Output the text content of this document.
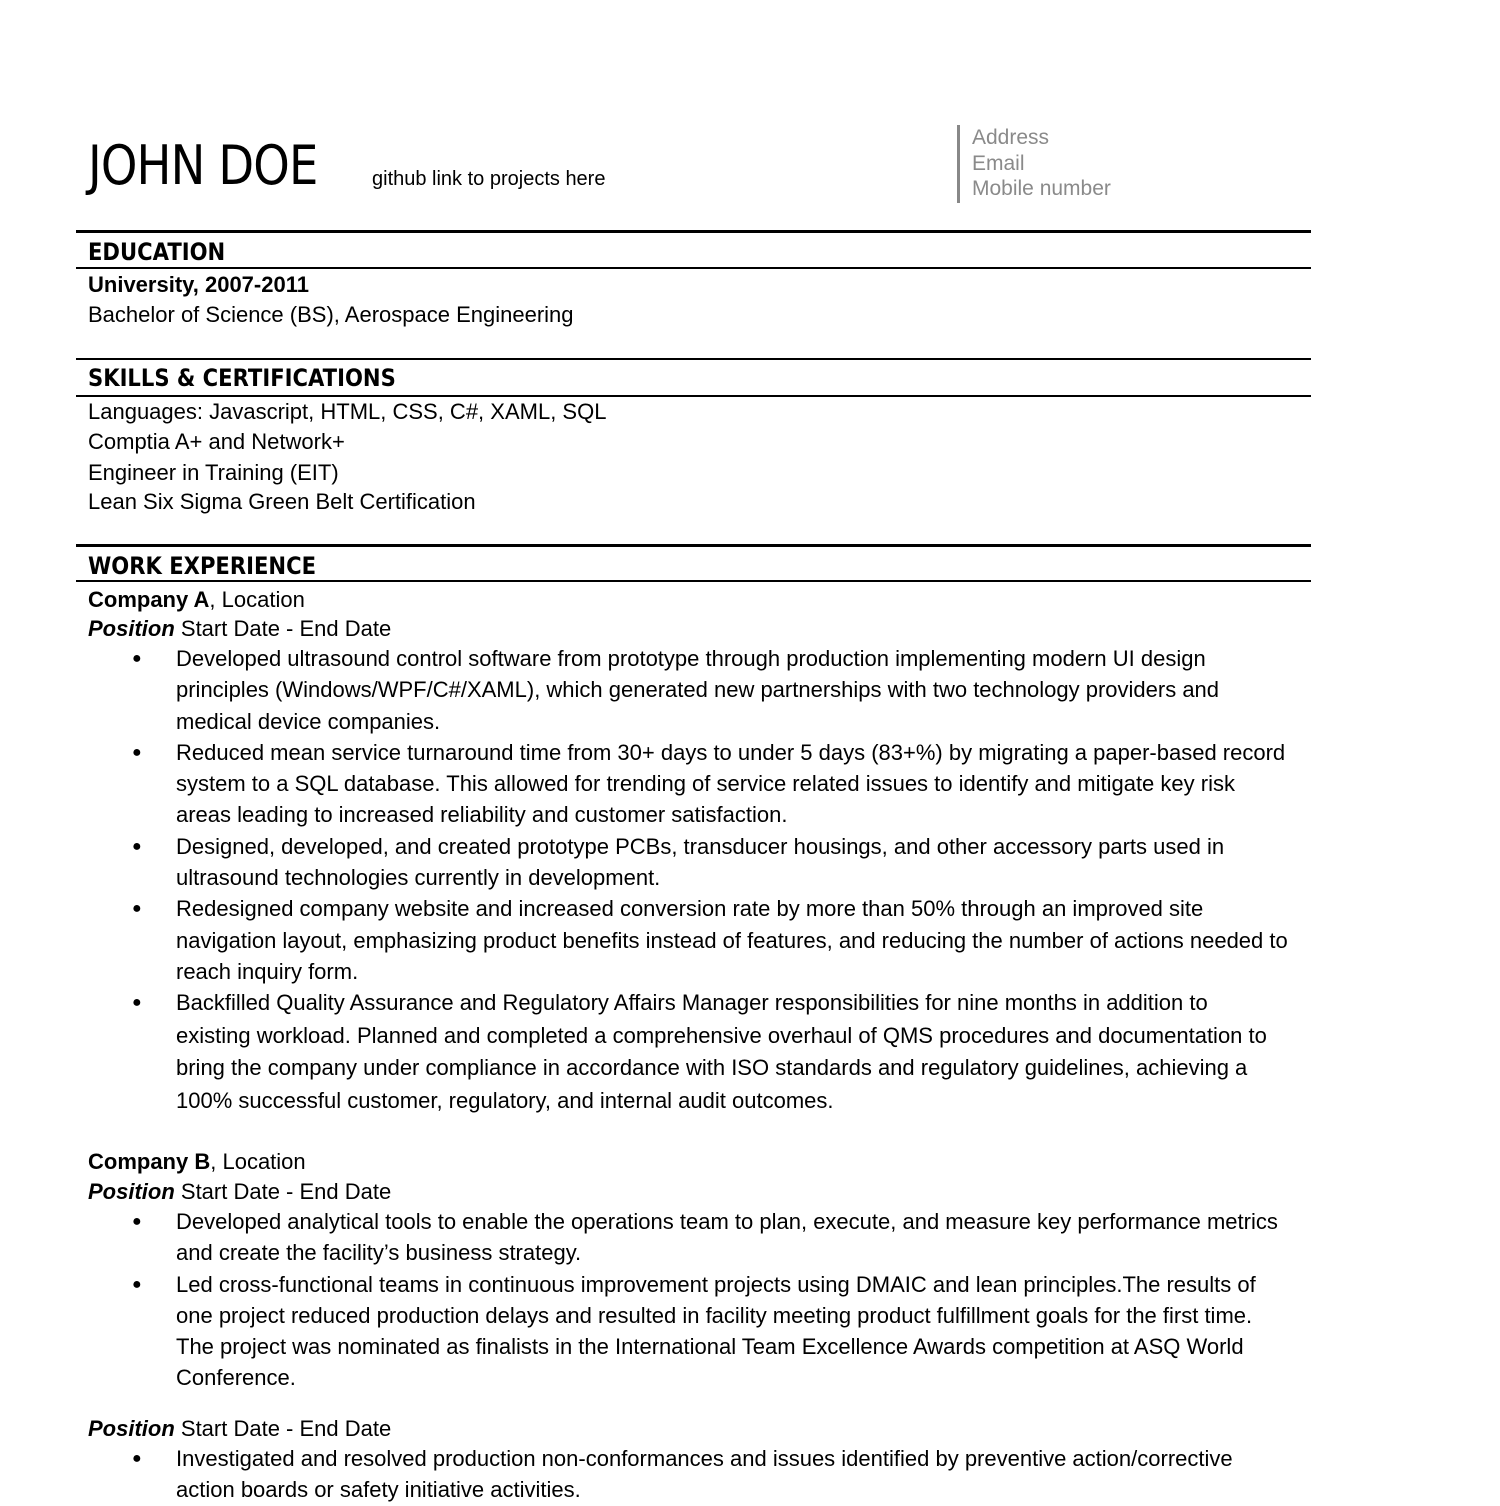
JOHN DOE	github link to projects here
Address
Email
Mobile number
EDUCATION
University, 2007-2011
Bachelor of Science (BS), Aerospace Engineering
SKILLS & CERTIFICATIONS
Languages: Javascript, HTML, CSS, C#, XAML, SQL
Comptia A+ and Network+
Engineer in Training (EIT)
Lean Six Sigma Green Belt Certification
WORK EXPERIENCE
Company A, Location
Position Start Date - End Date
● Developed ultrasound control software from prototype through production implementing modern UI design principles (Windows/WPF/C#/XAML), which generated new partnerships with two technology providers and medical device companies.
● Reduced mean service turnaround time from 30+ days to under 5 days (83+%) by migrating a paper-based record system to a SQL database. This allowed for trending of service related issues to identify and mitigate key risk areas leading to increased reliability and customer satisfaction.
● Designed, developed, and created prototype PCBs, transducer housings, and other accessory parts used in ultrasound technologies currently in development.
● Redesigned company website and increased conversion rate by more than 50% through an improved site navigation layout, emphasizing product benefits instead of features, and reducing the number of actions needed to reach inquiry form.
● Backfilled Quality Assurance and Regulatory Affairs Manager responsibilities for nine months in addition to existing workload. Planned and completed a comprehensive overhaul of QMS procedures and documentation to bring the company under compliance in accordance with ISO standards and regulatory guidelines, achieving a 100% successful customer, regulatory, and internal audit outcomes.
Company B, Location
Position Start Date - End Date
● Developed analytical tools to enable the operations team to plan, execute, and measure key performance metrics and create the facility’s business strategy.
● Led cross-functional teams in continuous improvement projects using DMAIC and lean principles.The results of one project reduced production delays and resulted in facility meeting product fulfillment goals for the first time. The project was nominated as finalists in the International Team Excellence Awards competition at ASQ World Conference.
Position Start Date - End Date
● Investigated and resolved production non-conformances and issues identified by preventive action/corrective action boards or safety initiative activities.
